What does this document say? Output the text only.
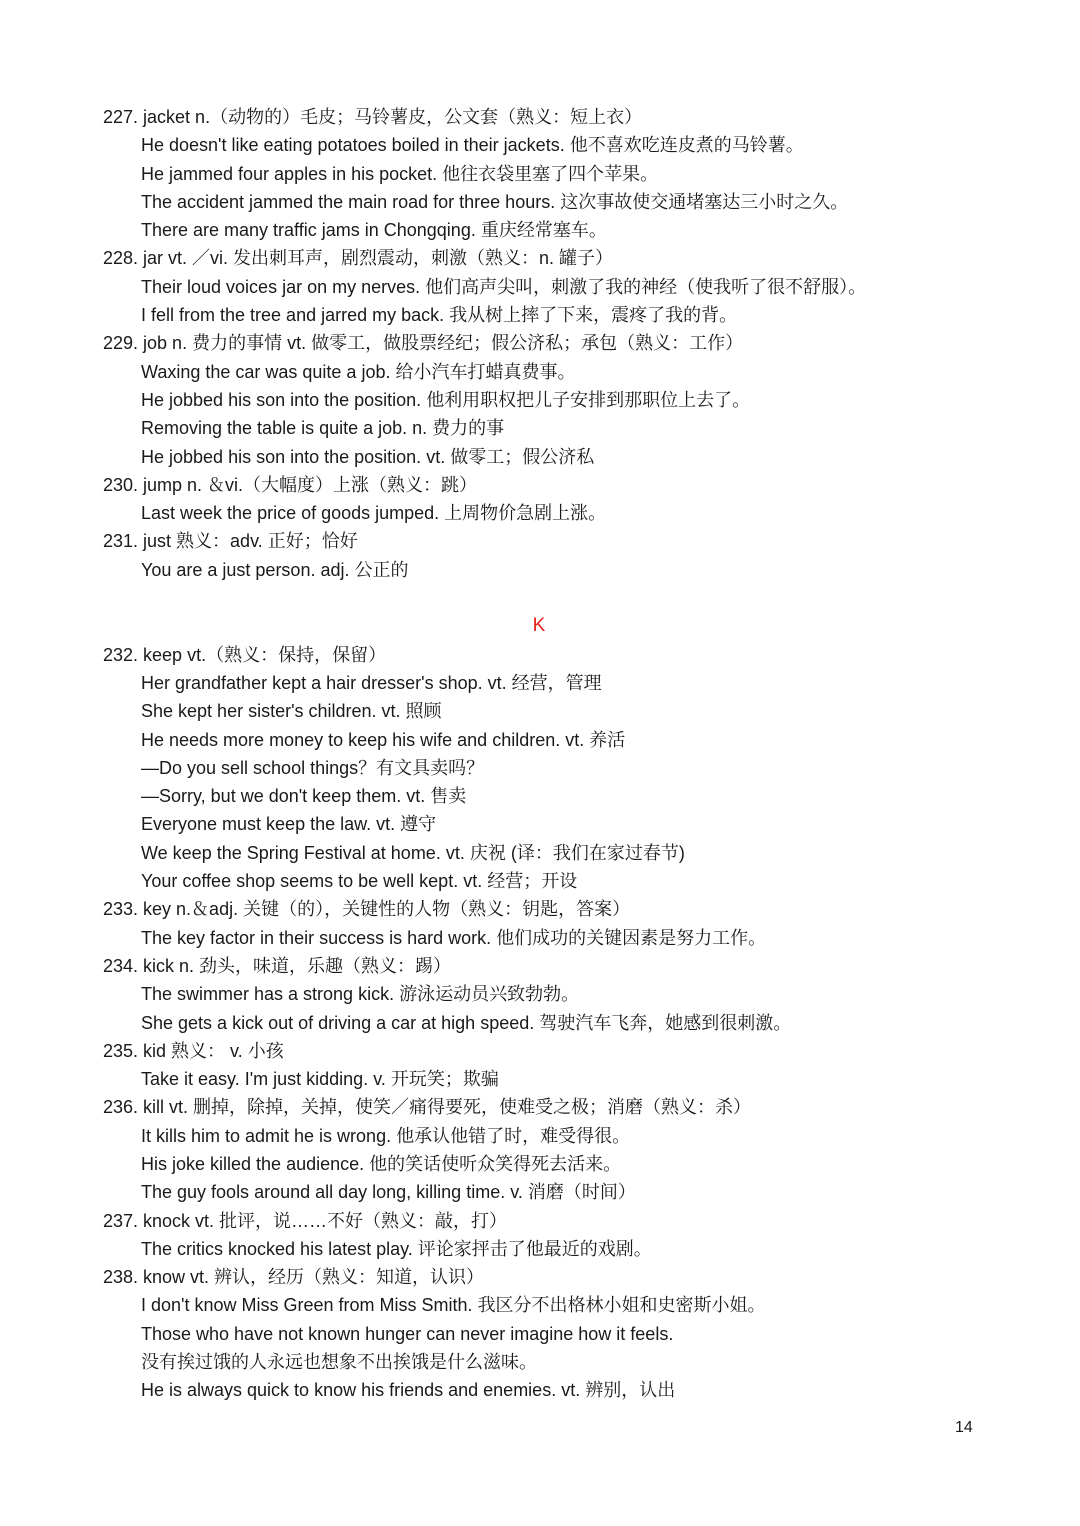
227. jacket n.（动物的）毛皮；马铃薯皮，公文套（熟义：短上衣）
He doesn't like eating potatoes boiled in their jackets. 他不喜欢吃连皮煮的马铃薯。
He jammed four apples in his pocket. 他往衣袋里塞了四个苹果。
The accident jammed the main road for three hours. 这次事故使交通堵塞达三小时之久。
There are many traffic jams in Chongqing. 重庆经常塞车。
228. jar vt. ／vi. 发出刺耳声，剧烈震动，刺激（熟义：n. 罐子）
Their loud voices jar on my nerves. 他们高声尖叫，刺激了我的神经（使我听了很不舒服）。
I fell from the tree and jarred my back. 我从树上摔了下来，震疼了我的背。
229. job n. 费力的事情 vt. 做零工，做股票经纪；假公济私；承包（熟义：工作）
Waxing the car was quite a job. 给小汽车打蜡真费事。
He jobbed his son into the position. 他利用职权把儿子安排到那职位上去了。
Removing the table is quite a job. n. 费力的事
He jobbed his son into the position. vt. 做零工；假公济私
230. jump n. ＆vi.（大幅度）上涨（熟义：跳）
Last week the price of goods jumped. 上周物价急剧上涨。
231. just 熟义：adv. 正好；恰好
You are a just person. adj. 公正的
K
232. keep vt.（熟义：保持，保留）
Her grandfather kept a hair dresser's shop. vt. 经营，管理
She kept her sister's children. vt. 照顾
He needs more money to keep his wife and children. vt. 养活
—Do you sell school things？有文具卖吗？
—Sorry, but we don't keep them. vt. 售卖
Everyone must keep the law. vt. 遵守
We keep the Spring Festival at home. vt. 庆祝 (译：我们在家过春节)
Your coffee shop seems to be well kept. vt. 经营；开设
233. key n.＆adj. 关键（的），关键性的人物（熟义：钥匙，答案）
The key factor in their success is hard work. 他们成功的关键因素是努力工作。
234. kick n. 劲头，味道，乐趣（熟义：踢）
The swimmer has a strong kick. 游泳运动员兴致勃勃。
She gets a kick out of driving a car at high speed. 驾驶汽车飞奔，她感到很刺激。
235. kid 熟义： v. 小孩
Take it easy. I'm just kidding. v. 开玩笑；欺骗
236. kill vt. 删掉，除掉，关掉，使笑／痛得要死，使难受之极；消磨（熟义：杀）
It kills him to admit he is wrong. 他承认他错了时，难受得很。
His joke killed the audience. 他的笑话使听众笑得死去活来。
The guy fools around all day long, killing time. v. 消磨（时间）
237. knock vt. 批评，说……不好（熟义：敲，打）
The critics knocked his latest play. 评论家抨击了他最近的戏剧。
238. know vt. 辨认，经历（熟义：知道，认识）
I don't know Miss Green from Miss Smith. 我区分不出格林小姐和史密斯小姐。
Those who have not known hunger can never imagine how it feels.
没有挨过饿的人永远也想象不出挨饿是什么滋味。
He is always quick to know his friends and enemies. vt. 辨别，认出
14
